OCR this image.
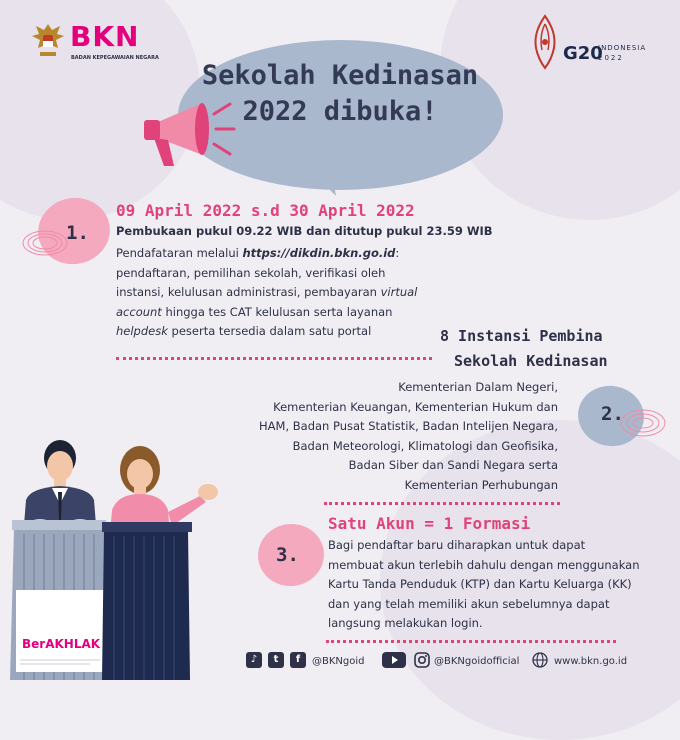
BKN
BADAN KEPEGAWAIAN NEGARA	G20
INDONESIA
2022
Sekolah Kedinasan
2022 dibuka!
1.
09 April 2022 s.d 30 April 2022
Pembukaan pukul 09.22 WIB dan ditutup pukul 23.59 WIB
Pendafataran melalui https://dikdin.bkn.go.id: pendaftaran, pemilihan sekolah, verifikasi oleh instansi, kelulusan administrasi, pembayaran virtual account hingga tes CAT kelulusan serta layanan helpdesk peserta tersedia dalam satu portal	8 Instansi Pembina
Sekolah Kedinasan
Kementerian Dalam Negeri,
Kementerian Keuangan, Kementerian Hukum dan
HAM, Badan Pusat Statistik, Badan Intelijen Negara,
Badan Meteorologi, Klimatologi dan Geofisika,
Badan Siber dan Sandi Negara serta
Kementerian Perhubungan
2.
3.
Satu Akun = 1 Formasi
Bagi pendaftar baru diharapkan untuk dapat
membuat akun terlebih dahulu dengan menggunakan
Kartu Tanda Penduduk (KTP) dan Kartu Keluarga (KK)
dan yang telah memiliki akun sebelumnya dapat
langsung melakukan login.
BerAKHLAK
♪	t	f	@BKNgoid	@BKNgoidofficial	www.bkn.go.id
